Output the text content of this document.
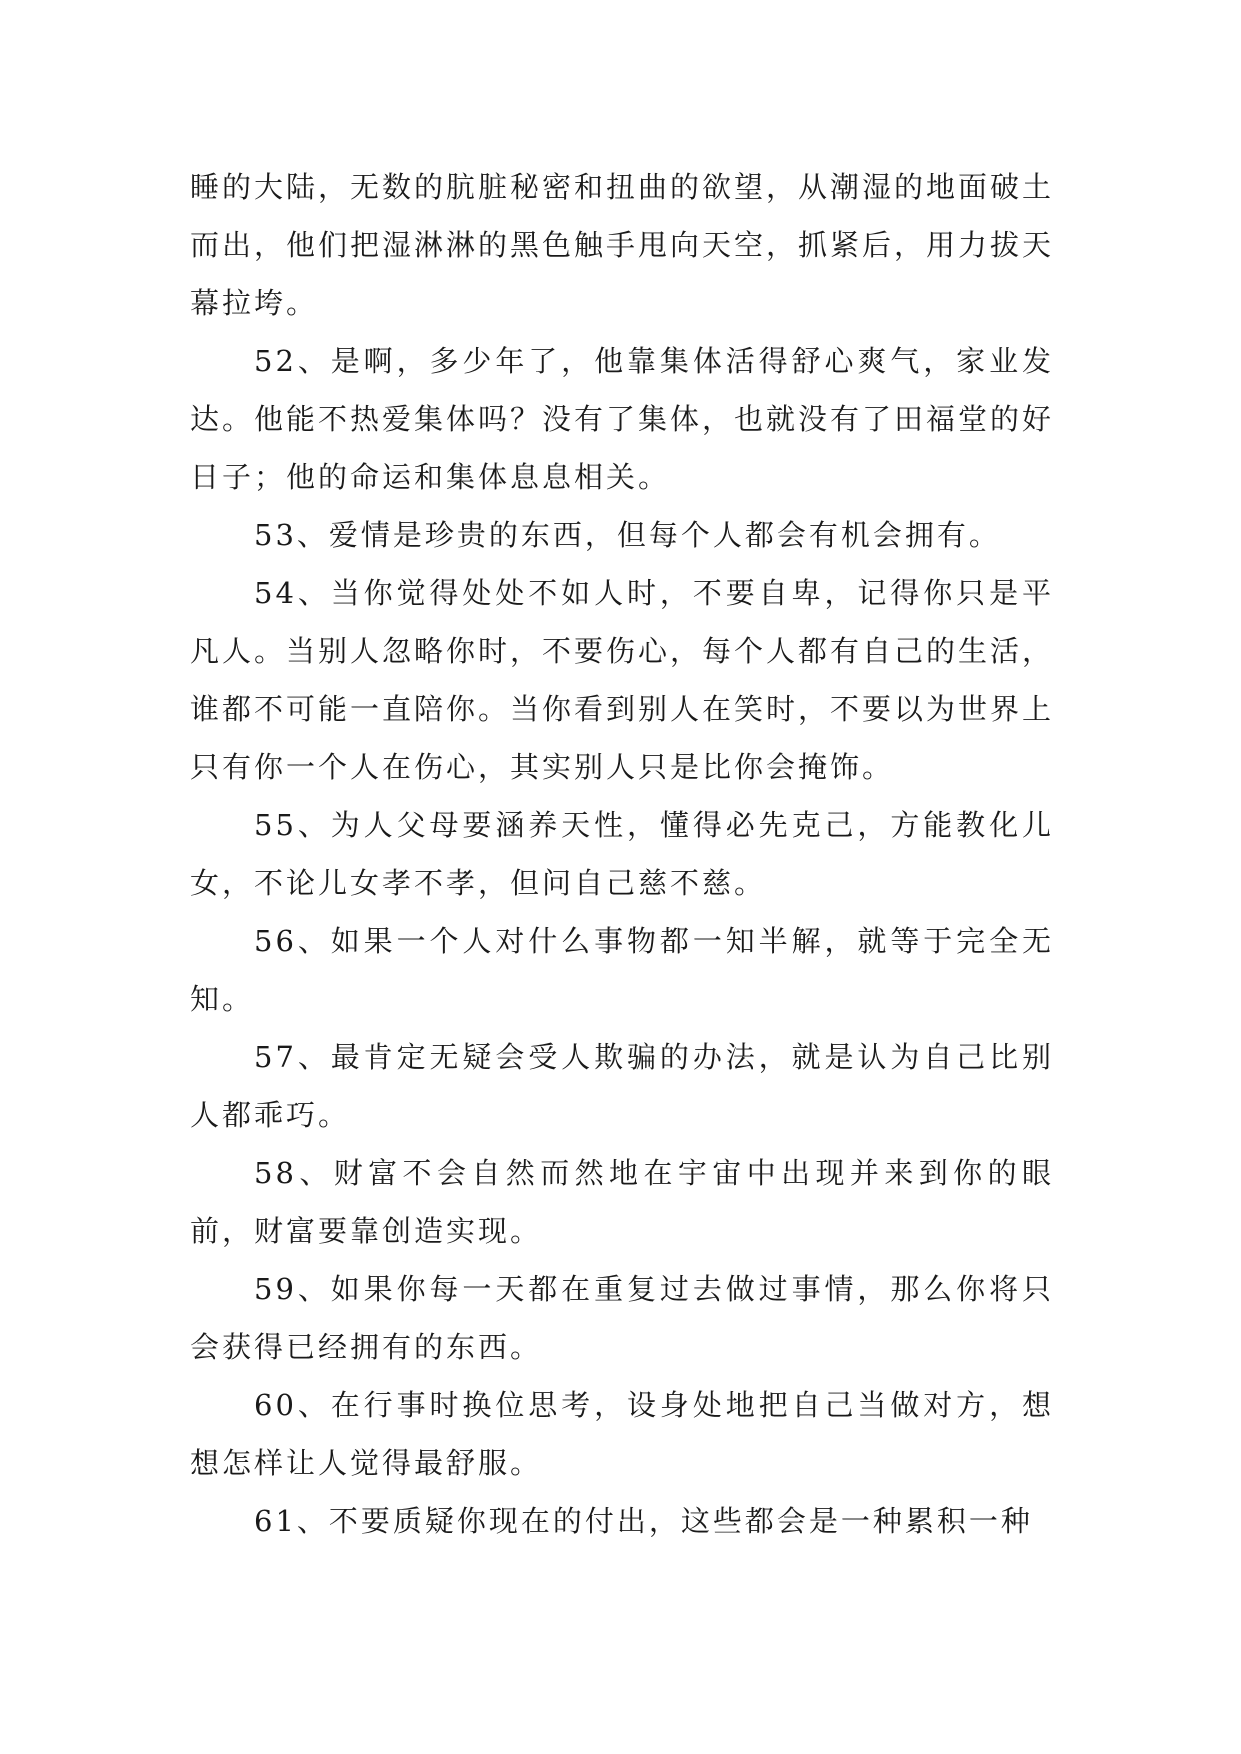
睡的大陆，无数的肮脏秘密和扭曲的欲望，从潮湿的地面破土而出，他们把湿淋淋的黑色触手甩向天空，抓紧后，用力拔天幕拉垮。

52、是啊，多少年了，他靠集体活得舒心爽气，家业发达。他能不热爱集体吗？没有了集体，也就没有了田福堂的好日子；他的命运和集体息息相关。

53、爱情是珍贵的东西，但每个人都会有机会拥有。

54、当你觉得处处不如人时，不要自卑，记得你只是平凡人。当别人忽略你时，不要伤心，每个人都有自己的生活，谁都不可能一直陪你。当你看到别人在笑时，不要以为世界上只有你一个人在伤心，其实别人只是比你会掩饰。

55、为人父母要涵养天性，懂得必先克己，方能教化儿女，不论儿女孝不孝，但问自己慈不慈。

56、如果一个人对什么事物都一知半解，就等于完全无知。

57、最肯定无疑会受人欺骗的办法，就是认为自己比别人都乖巧。

58、财富不会自然而然地在宇宙中出现并来到你的眼前，财富要靠创造实现。

59、如果你每一天都在重复过去做过事情，那么你将只会获得已经拥有的东西。

60、在行事时换位思考，设身处地把自己当做对方，想想怎样让人觉得最舒服。

61、不要质疑你现在的付出，这些都会是一种累积一种
